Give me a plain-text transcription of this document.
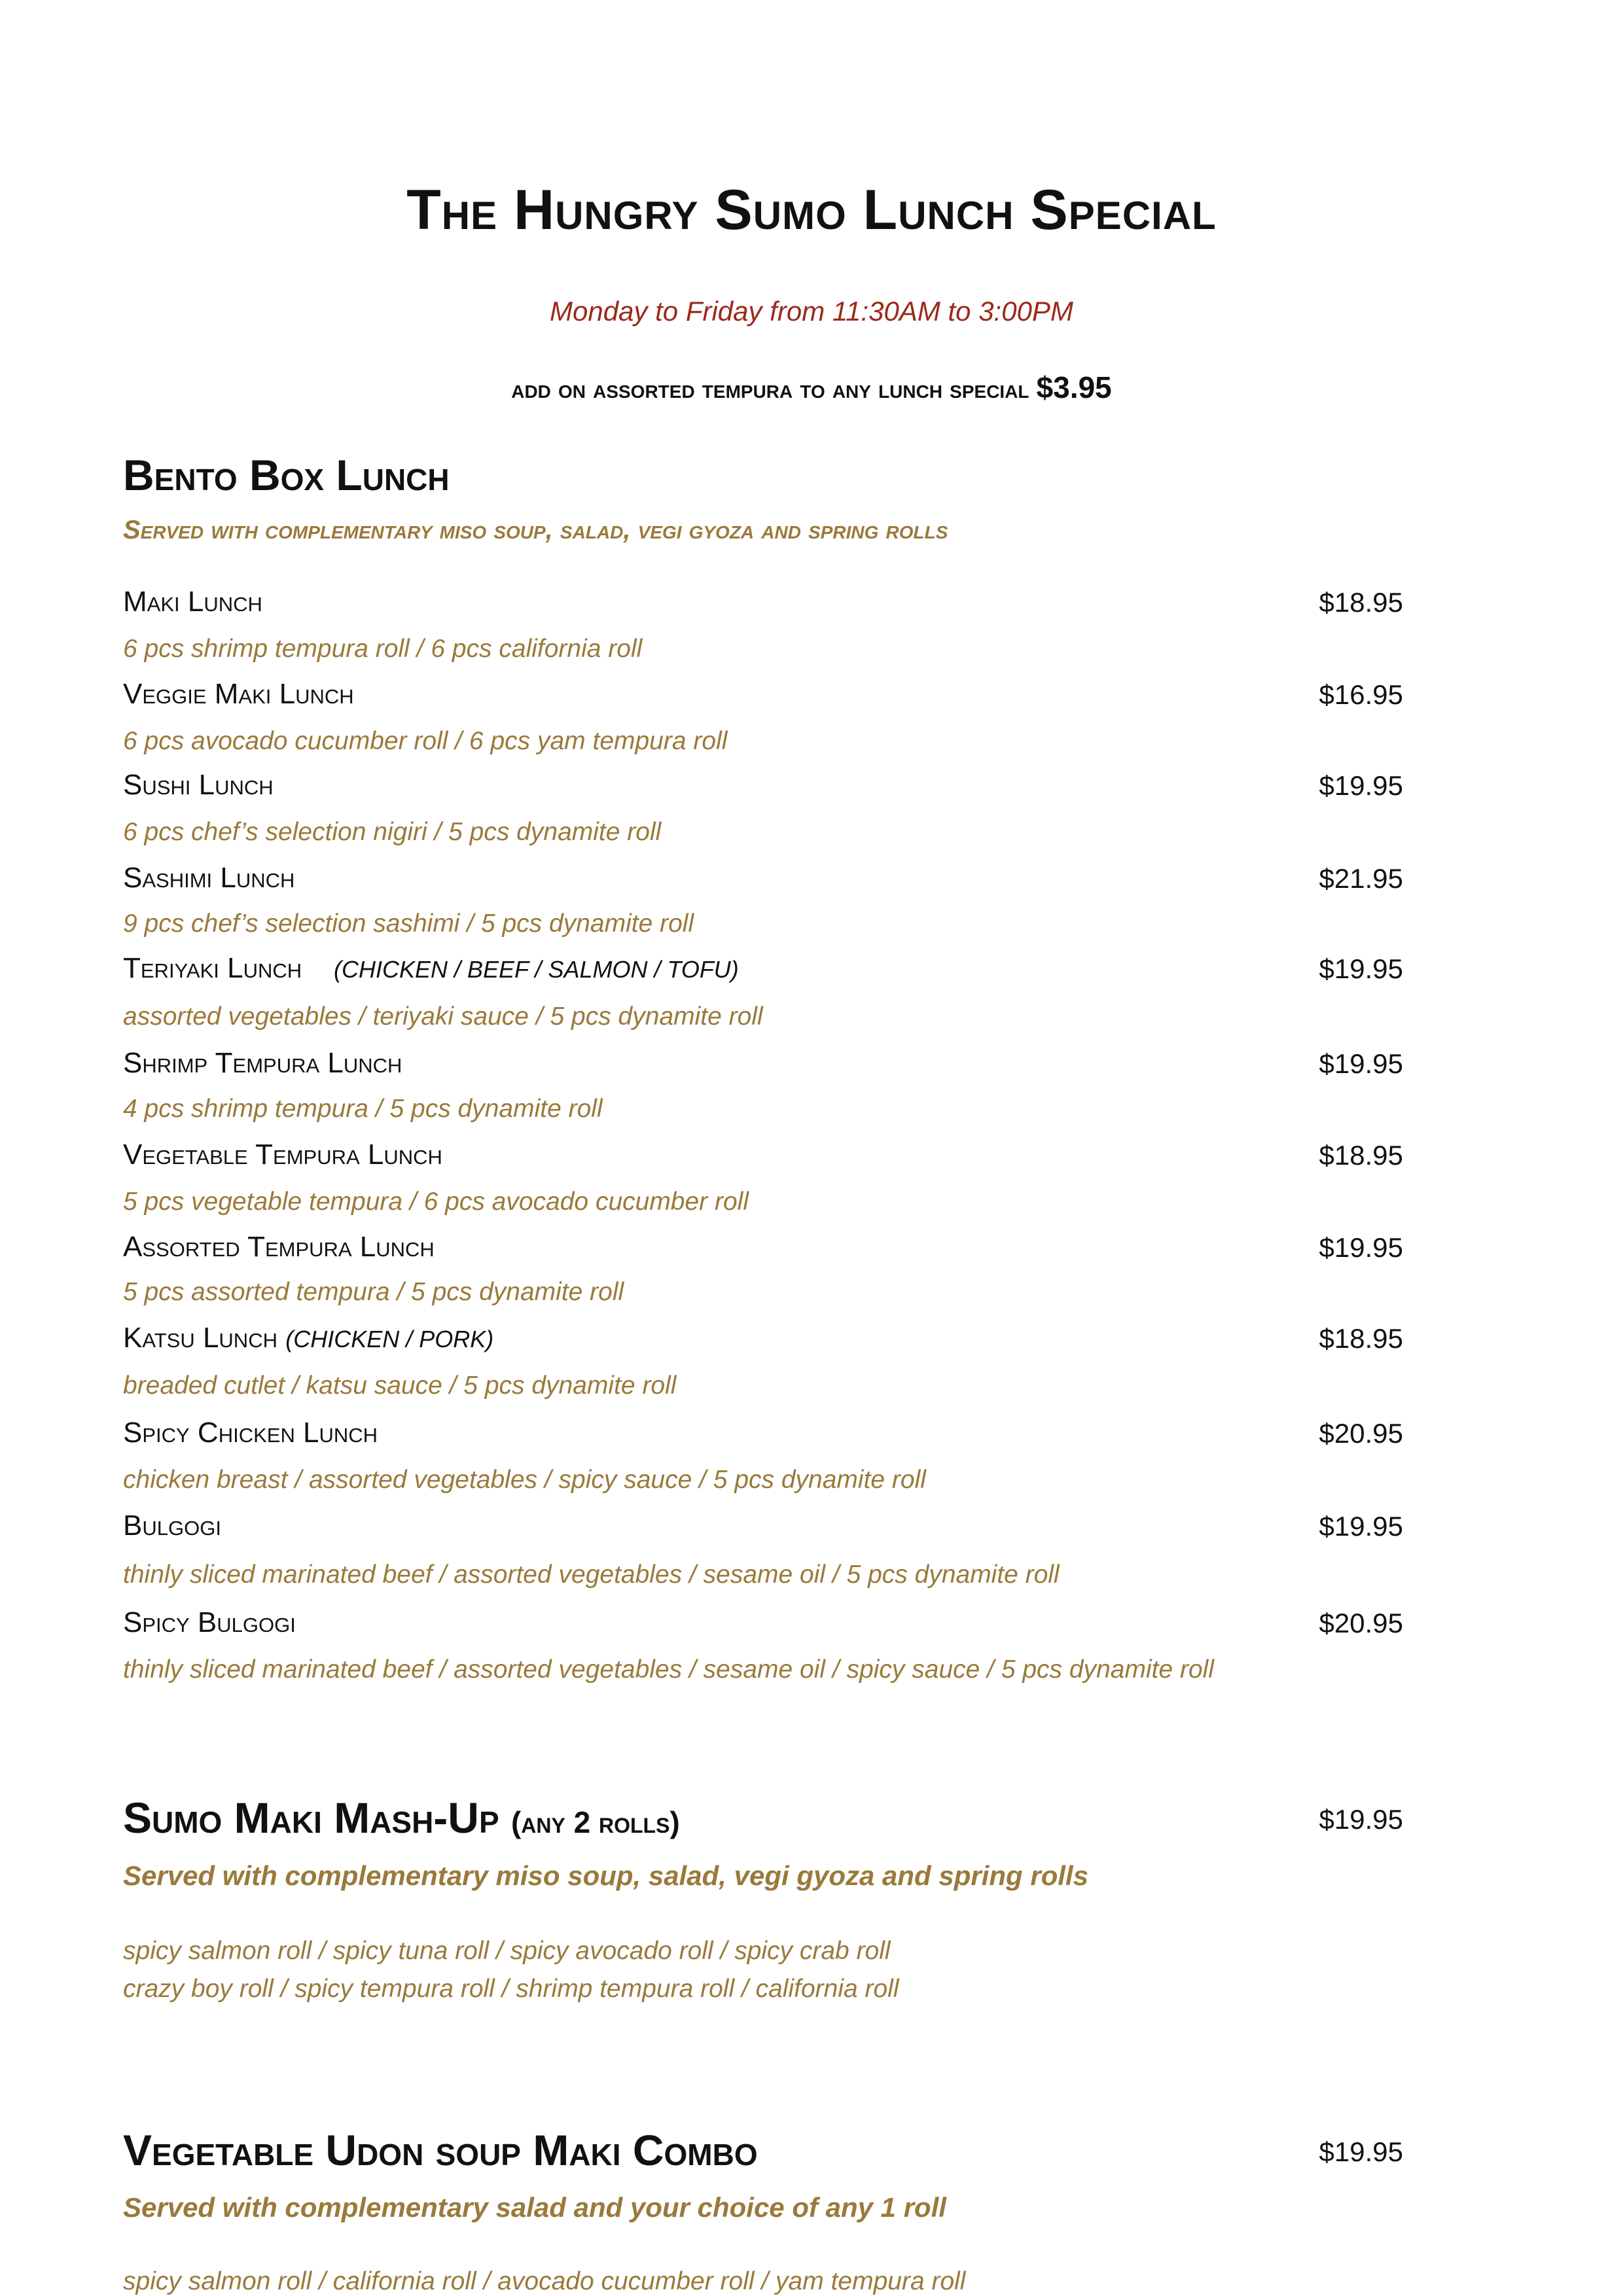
The Hungry Sumo Lunch Special
Monday to Friday from 11:30AM to 3:00PM
add on assorted tempura to any lunch special $3.95
Bento Box Lunch
Served with complementary miso soup, salad, vegi gyoza and spring rolls
Maki Lunch	$18.95
6 pcs shrimp tempura roll / 6 pcs california roll
Veggie Maki Lunch	$16.95
6 pcs avocado cucumber roll / 6 pcs yam tempura roll
Sushi Lunch	$19.95
6 pcs chef’s selection nigiri / 5 pcs dynamite roll
Sashimi Lunch	$21.95
9 pcs chef’s selection sashimi / 5 pcs dynamite roll
Teriyaki Lunch (CHICKEN / BEEF / SALMON / TOFU)	$19.95
assorted vegetables / teriyaki sauce / 5 pcs dynamite roll
Shrimp Tempura Lunch	$19.95
4 pcs shrimp tempura / 5 pcs dynamite roll
Vegetable Tempura Lunch	$18.95
5 pcs vegetable tempura / 6 pcs avocado cucumber roll
Assorted Tempura Lunch	$19.95
5 pcs assorted tempura / 5 pcs dynamite roll
Katsu Lunch (CHICKEN / PORK)	$18.95
breaded cutlet / katsu sauce / 5 pcs dynamite roll
Spicy Chicken Lunch	$20.95
chicken breast / assorted vegetables / spicy sauce / 5 pcs dynamite roll
Bulgogi	$19.95
thinly sliced marinated beef / assorted vegetables / sesame oil / 5 pcs dynamite roll
Spicy Bulgogi	$20.95
thinly sliced marinated beef / assorted vegetables / sesame oil / spicy sauce / 5 pcs dynamite roll
Sumo Maki Mash-Up (any 2 rolls)	$19.95
Served with complementary miso soup, salad, vegi gyoza and spring rolls
spicy salmon roll / spicy tuna roll / spicy avocado roll / spicy crab roll
crazy boy roll / spicy tempura roll / shrimp tempura roll / california roll
Vegetable Udon soup Maki Combo	$19.95
Served with complementary salad and your choice of any 1 roll
spicy salmon roll / california roll / avocado cucumber roll / yam tempura roll
